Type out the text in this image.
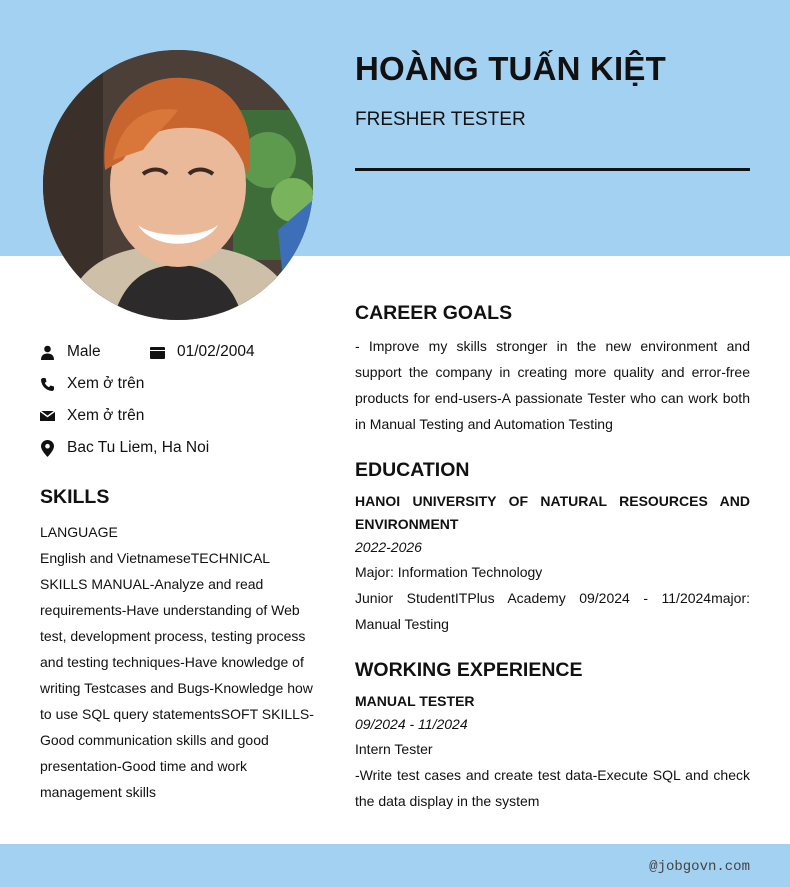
HOÀNG TUẤN KIỆT
FRESHER TESTER
Male	01/02/2004
Xem ở trên
Xem ở trên
Bac Tu Liem, Ha Noi
SKILLS
LANGUAGE
English and VietnameseTECHNICAL SKILLS MANUAL-Analyze and read requirements-Have understanding of Web test, development process, testing process and testing techniques-Have knowledge of writing Testcases and Bugs-Knowledge how to use SQL query statementsSOFT SKILLS-Good communication skills and good presentation-Good time and work management skills
CAREER GOALS

- Improve my skills stronger in the new environment and support the company in creating more quality and error-free products for end-users-A passionate Tester who can work both in Manual Testing and Automation Testing

EDUCATION
HANOI UNIVERSITY OF NATURAL RESOURCES AND ENVIRONMENT
2022-2026
Major: Information Technology

Junior StudentITPlus Academy 09/2024 - 11/2024major: Manual Testing

WORKING EXPERIENCE
MANUAL TESTER
09/2024 - 11/2024
Intern Tester

-Write test cases and create test data-Execute SQL and check the data display in the system

@jobgovn.com
